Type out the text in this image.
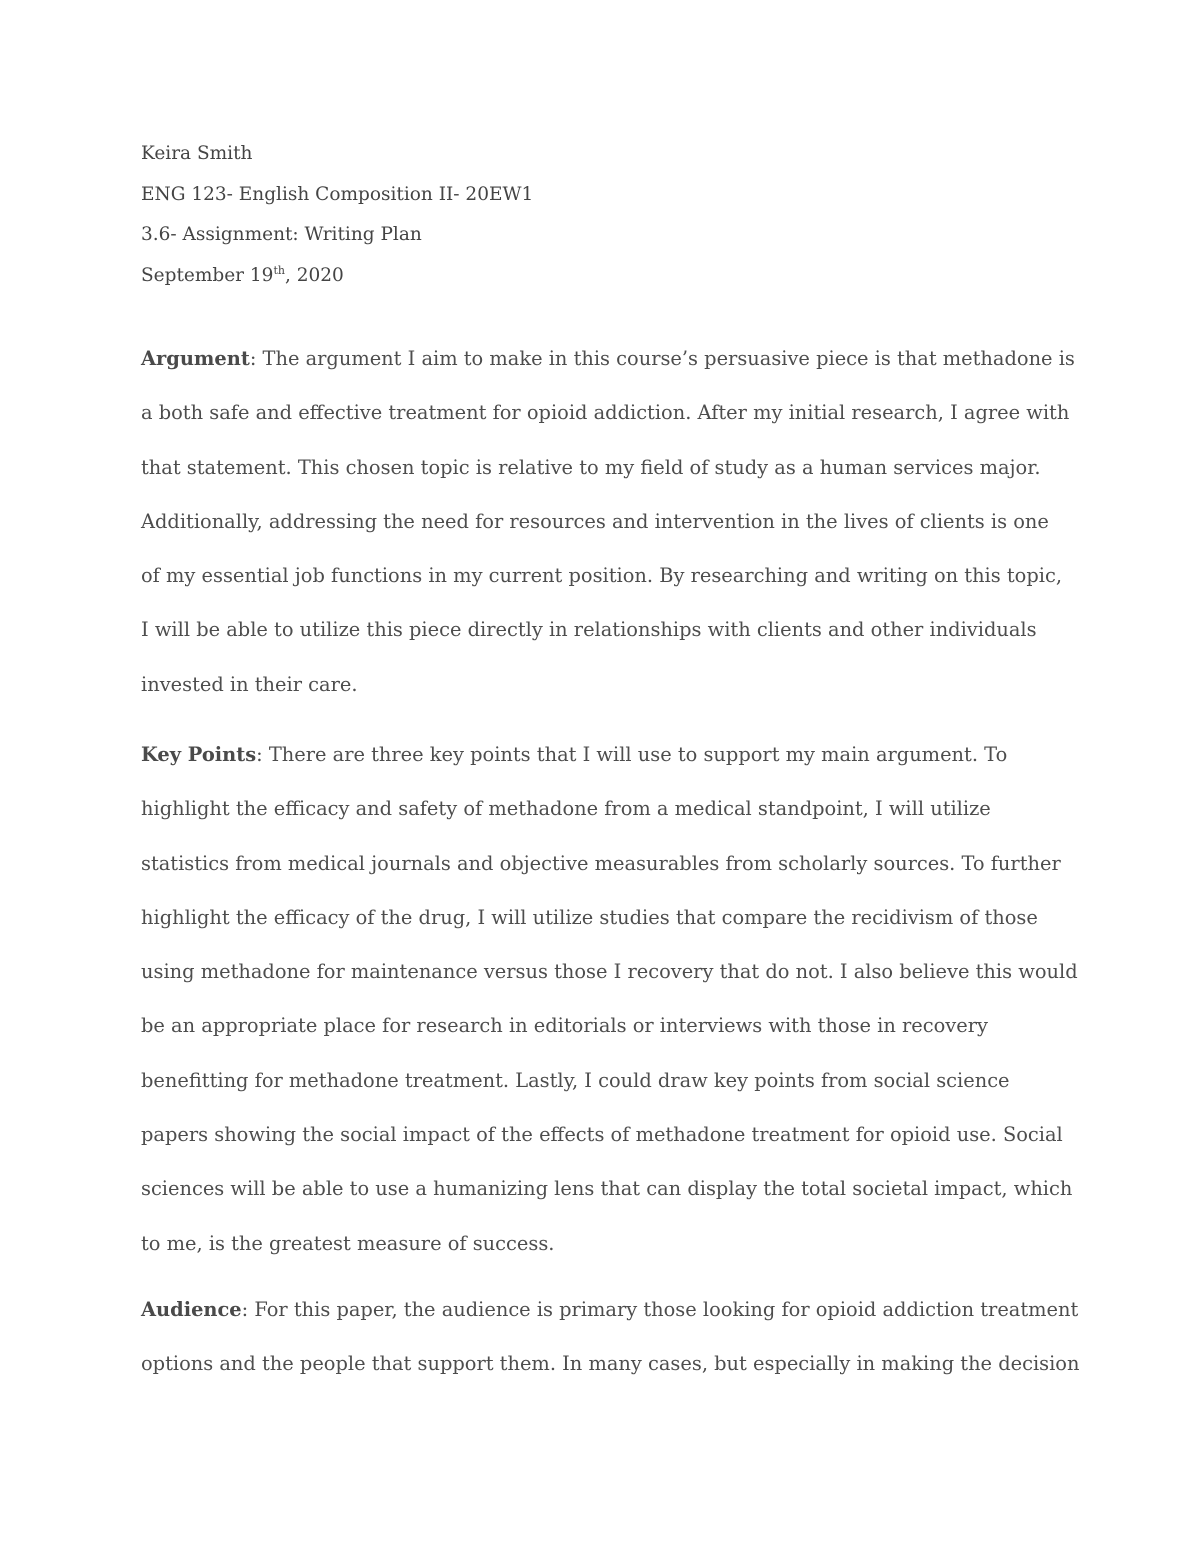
Keira Smith
ENG 123- English Composition II- 20EW1
3.6- Assignment: Writing Plan
September 19th, 2020
Argument: The argument I aim to make in this course’s persuasive piece is that methadone is
a both safe and effective treatment for opioid addiction. After my initial research, I agree with
that statement. This chosen topic is relative to my field of study as a human services major.
Additionally, addressing the need for resources and intervention in the lives of clients is one
of my essential job functions in my current position. By researching and writing on this topic,
I will be able to utilize this piece directly in relationships with clients and other individuals
invested in their care.
Key Points: There are three key points that I will use to support my main argument. To
highlight the efficacy and safety of methadone from a medical standpoint, I will utilize
statistics from medical journals and objective measurables from scholarly sources. To further
highlight the efficacy of the drug, I will utilize studies that compare the recidivism of those
using methadone for maintenance versus those I recovery that do not. I also believe this would
be an appropriate place for research in editorials or interviews with those in recovery
benefitting for methadone treatment. Lastly, I could draw key points from social science
papers showing the social impact of the effects of methadone treatment for opioid use. Social
sciences will be able to use a humanizing lens that can display the total societal impact, which
to me, is the greatest measure of success.
Audience: For this paper, the audience is primary those looking for opioid addiction treatment
options and the people that support them. In many cases, but especially in making the decision
